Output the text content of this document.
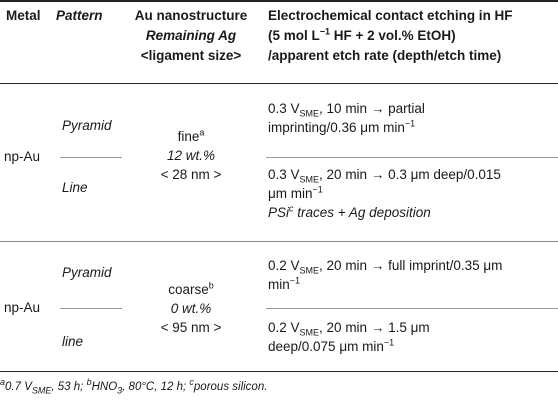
Metal Pattern	Au nanostructure
Remaining Ag
<ligament size>
Electrochemical contact etching in HF
(5 mol $L^{-1}$ HF + 2 vol.% EtOH)
/apparent etch rate (depth/etch time)
np-Au
Pyramid
Line
fine$^a$
12 wt.%
< 28 nm >
0.3 $V_{SME}$, 10 min → partial
imprinting/0.36 μm $\min^{-1}$
0.3 $V_{SME}$, 20 min → 0.3 μm deep/0.015
μm $\min^{-1}$
PSi$^c$ traces + Ag deposition
np-Au
Pyramid
line
coarse$^b$
0 wt.%
< 95 nm >
0.2 $V_{SME}$, 20 min → full imprint/0.35 μm
$\min^{-1}$
0.2 $V_{SME}$, 20 min → 1.5 μm
deep/0.075 μm $\min^{-1}$
$^a$0.7 $V_{SME}$, 53 h; $^bHNO_3$, 80°C, 12 h; $^c$porous silicon.
